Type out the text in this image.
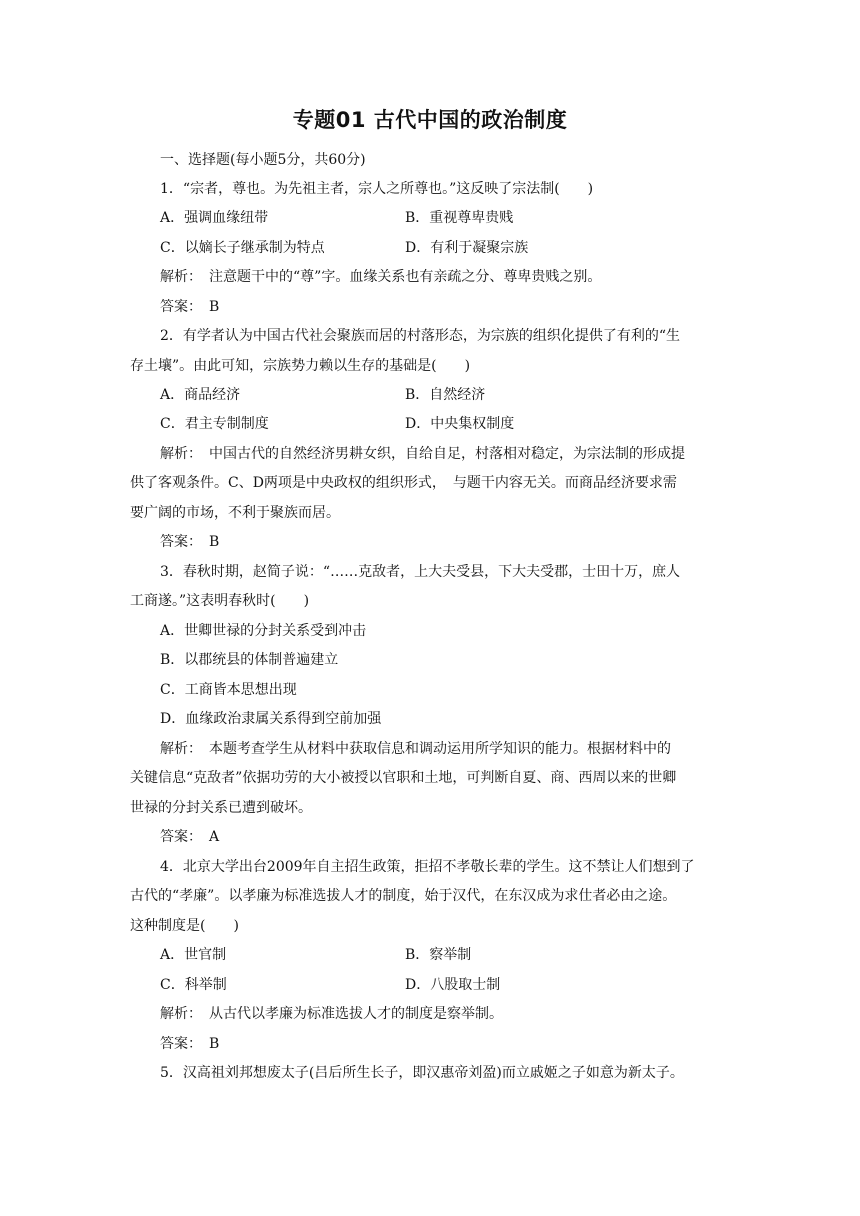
专题01 古代中国的政治制度
一、选择题(每小题5分，共60分)
1．“宗者，尊也。为先祖主者，宗人之所尊也。”这反映了宗法制(　　)
A．强调血缘纽带	B．重视尊卑贵贱
C．以嫡长子继承制为特点	D．有利于凝聚宗族
解析：　注意题干中的“尊”字。血缘关系也有亲疏之分、尊卑贵贱之别。
答案：　B
2．有学者认为中国古代社会聚族而居的村落形态，为宗族的组织化提供了有利的“生
存土壤”。由此可知，宗族势力赖以生存的基础是(　　)
A．商品经济	B．自然经济
C．君主专制制度	D．中央集权制度
解析：　中国古代的自然经济男耕女织，自给自足，村落相对稳定，为宗法制的形成提
供了客观条件。C、D两项是中央政权的组织形式，　与题干内容无关。而商品经济要求需
要广阔的市场，不利于聚族而居。
答案：　B
3．春秋时期，赵简子说：“……克敌者，上大夫受县，下大夫受郡，士田十万，庶人
工商遂。”这表明春秋时(　　)
A．世卿世禄的分封关系受到冲击
B．以郡统县的体制普遍建立
C．工商皆本思想出现
D．血缘政治隶属关系得到空前加强
解析：　本题考查学生从材料中获取信息和调动运用所学知识的能力。根据材料中的
关键信息“克敌者”依据功劳的大小被授以官职和土地，可判断自夏、商、西周以来的世卿
世禄的分封关系已遭到破坏。
答案：　A
4．北京大学出台2009年自主招生政策，拒招不孝敬长辈的学生。这不禁让人们想到了
古代的“孝廉”。以孝廉为标准选拔人才的制度，始于汉代，在东汉成为求仕者必由之途。
这种制度是(　　)
A．世官制	B．察举制
C．科举制	D．八股取士制
解析：　从古代以孝廉为标准选拔人才的制度是察举制。
答案：　B
5．汉高祖刘邦想废太子(吕后所生长子，即汉惠帝刘盈)而立戚姬之子如意为新太子。
